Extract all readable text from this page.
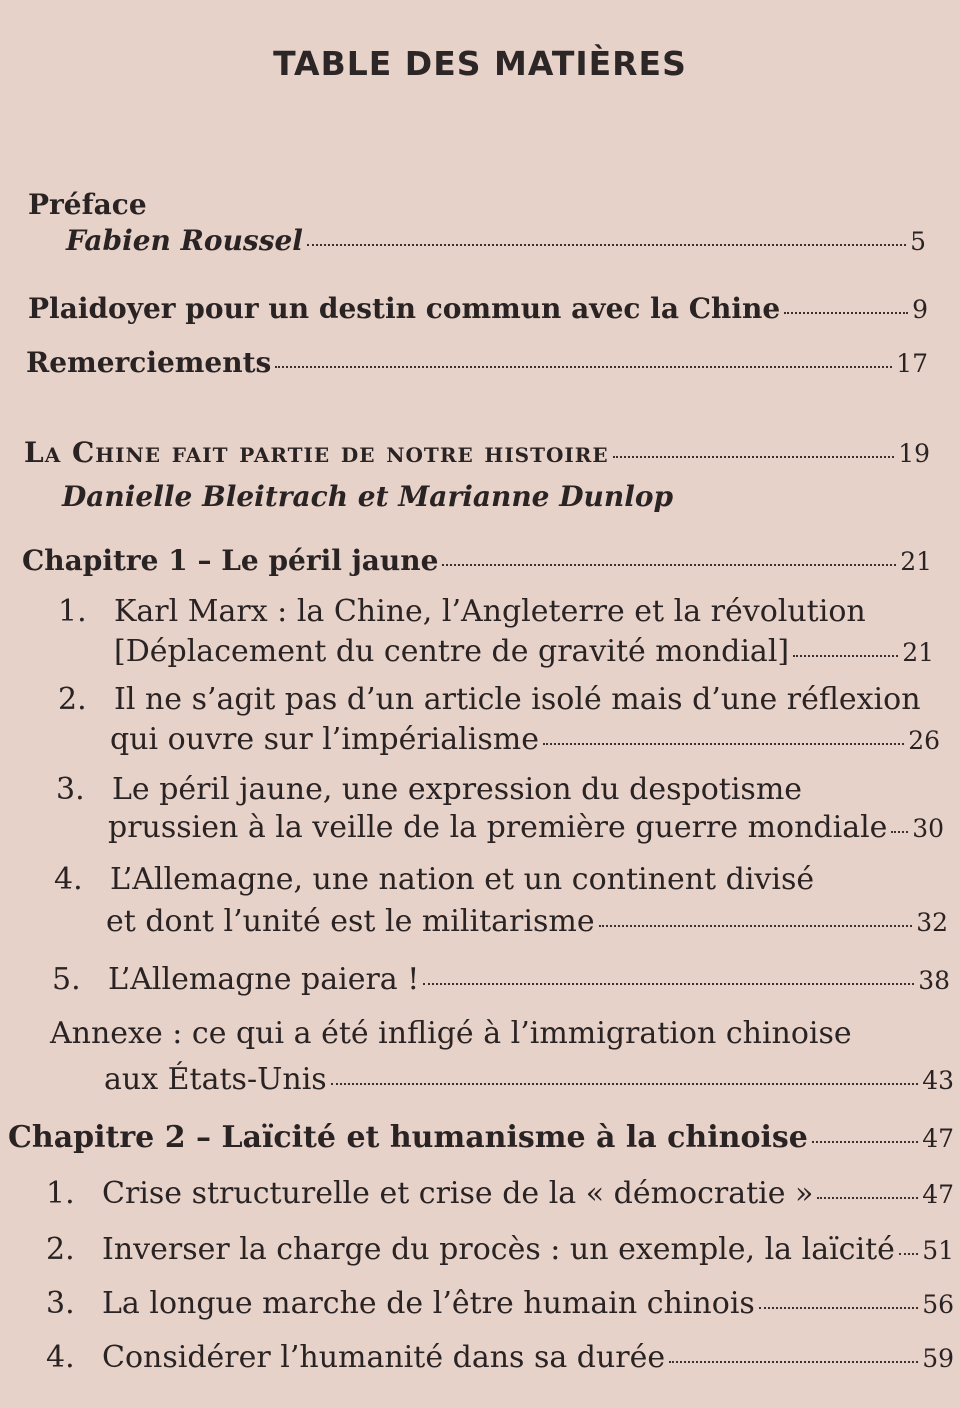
TABLE DES MATIÈRES
Préface
Fabien Roussel	5
Plaidoyer pour un destin commun avec la Chine	9
Remerciements	17
La Chine fait partie de notre histoire	19
Danielle Bleitrach et Marianne Dunlop
Chapitre 1 – Le péril jaune	21
1. Karl Marx : la Chine, l’Angleterre et la révolution
[Déplacement du centre de gravité mondial]	21
2. Il ne s’agit pas d’un article isolé mais d’une réflexion
qui ouvre sur l’impérialisme	26
3. Le péril jaune, une expression du despotisme
prussien à la veille de la première guerre mondiale 30
4. L’Allemagne, une nation et un continent divisé
et dont l’unité est le militarisme	32
5. L’Allemagne paiera !	38
Annexe : ce qui a été infligé à l’immigration chinoise
aux États-Unis	43
Chapitre 2 – Laïcité et humanisme à la chinoise	47
1. Crise structurelle et crise de la « démocratie »	47
2. Inverser la charge du procès : un exemple, la laïcité 51
3. La longue marche de l’être humain chinois	56
4. Considérer l’humanité dans sa durée	59
